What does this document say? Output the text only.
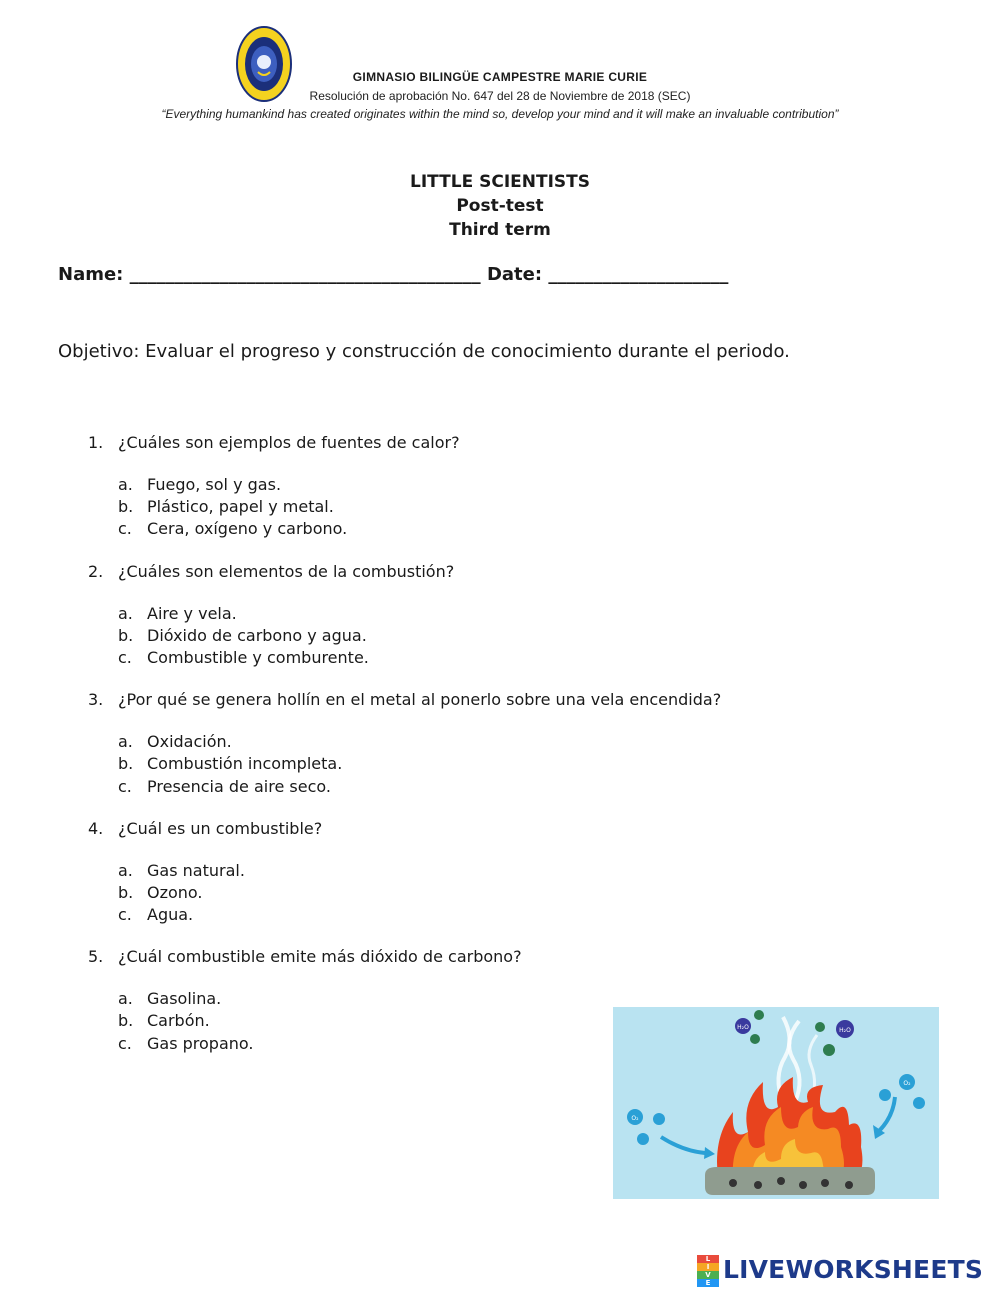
GIMNASIO BILINGÜE CAMPESTRE MARIE CURIE
Resolución de aprobación No. 647 del 28 de Noviembre de 2018 (SEC)
“Everything humankind has created originates within the mind so, develop your mind and it will make an invaluable contribution”
LITTLE SCIENTISTS
Post-test
Third term
Name: _______________________________________ Date: ____________________
Objetivo: Evaluar el progreso y construcción de conocimiento durante el periodo.
1. ¿Cuáles son ejemplos de fuentes de calor?
a. Fuego, sol y gas.
b. Plástico, papel y metal.
c. Cera, oxígeno y carbono.
2. ¿Cuáles son elementos de la combustión?
a. Aire y vela.
b. Dióxido de carbono y agua.
c. Combustible y comburente.
3. ¿Por qué se genera hollín en el metal al ponerlo sobre una vela encendida?
a. Oxidación.
b. Combustión incompleta.
c. Presencia de aire seco.
4. ¿Cuál es un combustible?
a. Gas natural.
b. Ozono.
c. Agua.
5. ¿Cuál combustible emite más dióxido de carbono?
a. Gasolina.
b. Carbón.
c. Gas propano.
H₂O	H₂O
O₂
O₂
L
I
V
E LIVEWORKSHEETS
